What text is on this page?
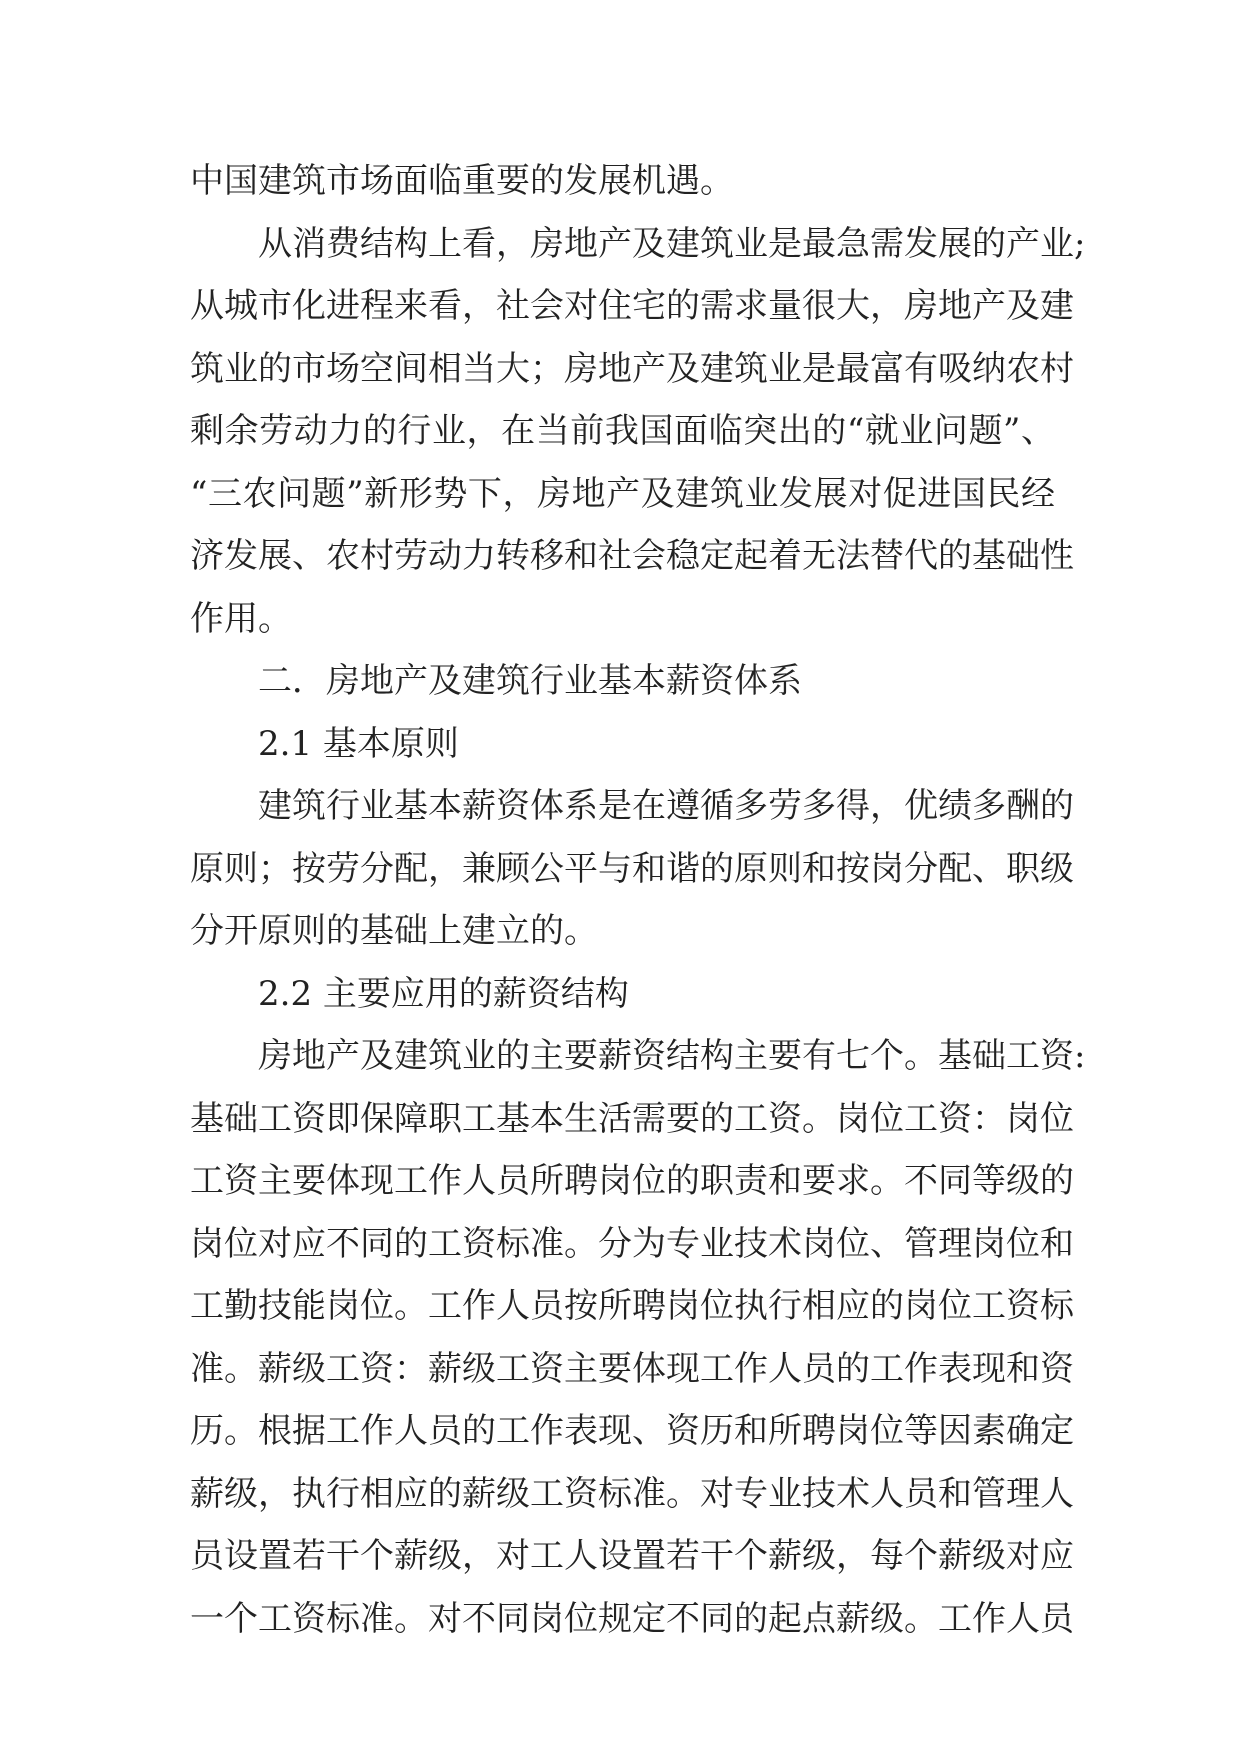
中国建筑市场面临重要的发展机遇。
从消费结构上看，房地产及建筑业是最急需发展的产业;
从城市化进程来看，社会对住宅的需求量很大，房地产及建
筑业的市场空间相当大；房地产及建筑业是最富有吸纳农村
剩余劳动力的行业，在当前我国面临突出的“就业问题”、
“三农问题”新形势下，房地产及建筑业发展对促进国民经
济发展、农村劳动力转移和社会稳定起着无法替代的基础性
作用。
二．房地产及建筑行业基本薪资体系
2.1 基本原则
建筑行业基本薪资体系是在遵循多劳多得，优绩多酬的
原则；按劳分配，兼顾公平与和谐的原则和按岗分配、职级
分开原则的基础上建立的。
2.2 主要应用的薪资结构
房地产及建筑业的主要薪资结构主要有七个。基础工资:
基础工资即保障职工基本生活需要的工资。岗位工资：岗位
工资主要体现工作人员所聘岗位的职责和要求。不同等级的
岗位对应不同的工资标准。分为专业技术岗位、管理岗位和
工勤技能岗位。工作人员按所聘岗位执行相应的岗位工资标
准。薪级工资：薪级工资主要体现工作人员的工作表现和资
历。根据工作人员的工作表现、资历和所聘岗位等因素确定
薪级，执行相应的薪级工资标准。对专业技术人员和管理人
员设置若干个薪级，对工人设置若干个薪级，每个薪级对应
一个工资标准。对不同岗位规定不同的起点薪级。工作人员
